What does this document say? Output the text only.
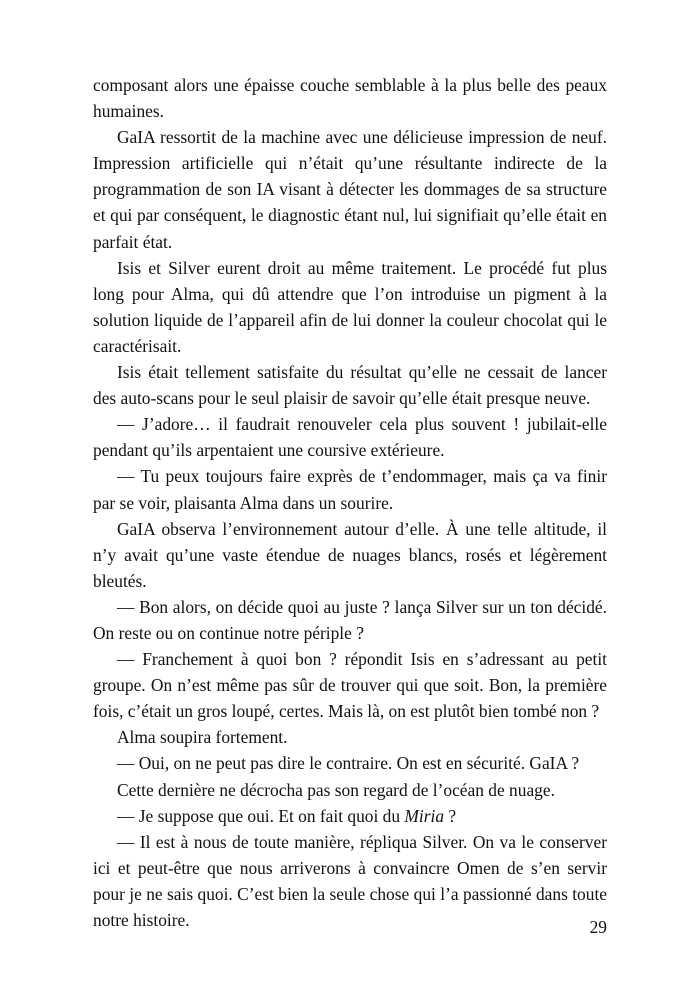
composant alors une épaisse couche semblable à la plus belle des peaux humaines.

GaIA ressortit de la machine avec une délicieuse impression de neuf. Impression artificielle qui n’était qu’une résultante indirecte de la programmation de son IA visant à détecter les dommages de sa structure et qui par conséquent, le diagnostic étant nul, lui signifiait qu’elle était en parfait état.

Isis et Silver eurent droit au même traitement. Le procédé fut plus long pour Alma, qui dû attendre que l’on introduise un pigment à la solution liquide de l’appareil afin de lui donner la couleur chocolat qui le caractérisait.

Isis était tellement satisfaite du résultat qu’elle ne cessait de lancer des auto-scans pour le seul plaisir de savoir qu’elle était presque neuve.

— J’adore… il faudrait renouveler cela plus souvent ! jubilait-elle pendant qu’ils arpentaient une coursive extérieure.

— Tu peux toujours faire exprès de t’endommager, mais ça va finir par se voir, plaisanta Alma dans un sourire.

GaIA observa l’environnement autour d’elle. À une telle altitude, il n’y avait qu’une vaste étendue de nuages blancs, rosés et légèrement bleutés.

— Bon alors, on décide quoi au juste ? lança Silver sur un ton décidé. On reste ou on continue notre périple ?

— Franchement à quoi bon ? répondit Isis en s’adressant au petit groupe. On n’est même pas sûr de trouver qui que soit. Bon, la première fois, c’était un gros loupé, certes. Mais là, on est plutôt bien tombé non ?

Alma soupira fortement.

— Oui, on ne peut pas dire le contraire. On est en sécurité. GaIA ?

Cette dernière ne décrocha pas son regard de l’océan de nuage.

— Je suppose que oui. Et on fait quoi du Miria ?

— Il est à nous de toute manière, répliqua Silver. On va le conserver ici et peut-être que nous arriverons à convaincre Omen de s’en servir pour je ne sais quoi. C’est bien la seule chose qui l’a passionné dans toute notre histoire.	29
